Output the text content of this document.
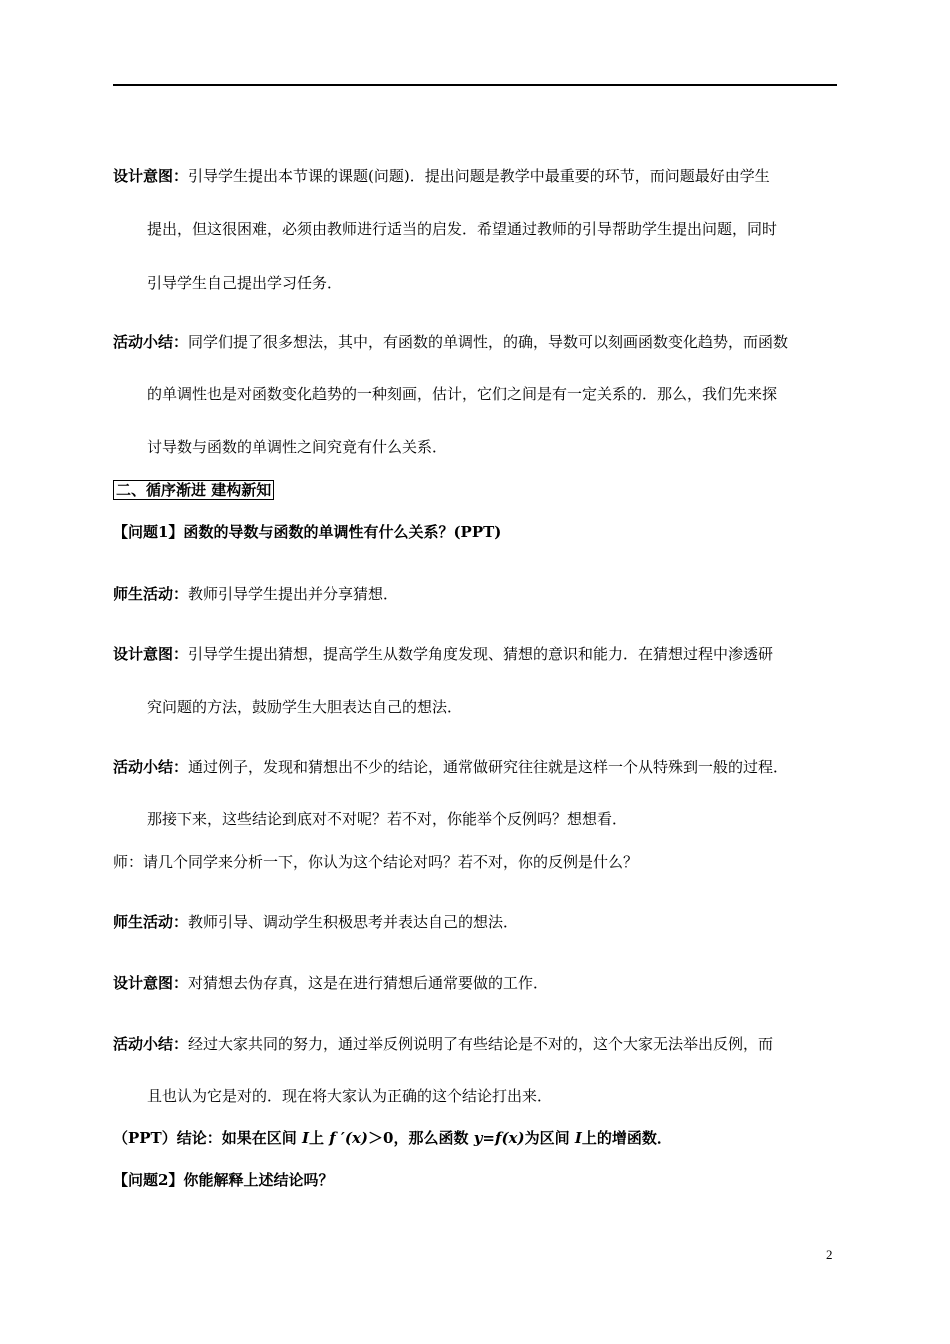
设计意图：引导学生提出本节课的课题(问题)．提出问题是教学中最重要的环节，而问题最好由学生
提出，但这很困难，必须由教师进行适当的启发．希望通过教师的引导帮助学生提出问题，同时
引导学生自己提出学习任务．
活动小结：同学们提了很多想法，其中，有函数的单调性，的确，导数可以刻画函数变化趋势，而函数
的单调性也是对函数变化趋势的一种刻画，估计，它们之间是有一定关系的．那么，我们先来探
讨导数与函数的单调性之间究竟有什么关系．
二、循序渐进 建构新知
【问题1】函数的导数与函数的单调性有什么关系？(PPT)
师生活动：教师引导学生提出并分享猜想．
设计意图：引导学生提出猜想，提高学生从数学角度发现、猜想的意识和能力．在猜想过程中渗透研
究问题的方法，鼓励学生大胆表达自己的想法．
活动小结：通过例子，发现和猜想出不少的结论，通常做研究往往就是这样一个从特殊到一般的过程．
那接下来，这些结论到底对不对呢？若不对，你能举个反例吗？想想看．
师：请几个同学来分析一下，你认为这个结论对吗？若不对，你的反例是什么？
师生活动：教师引导、调动学生积极思考并表达自己的想法．
设计意图：对猜想去伪存真，这是在进行猜想后通常要做的工作．
活动小结：经过大家共同的努力，通过举反例说明了有些结论是不对的，这个大家无法举出反例，而
且也认为它是对的．现在将大家认为正确的这个结论打出来．
（PPT）结论：如果在区间 I上 f ′(x)＞0，那么函数 y=f(x)为区间 I上的增函数．
【问题2】你能解释上述结论吗？
2
